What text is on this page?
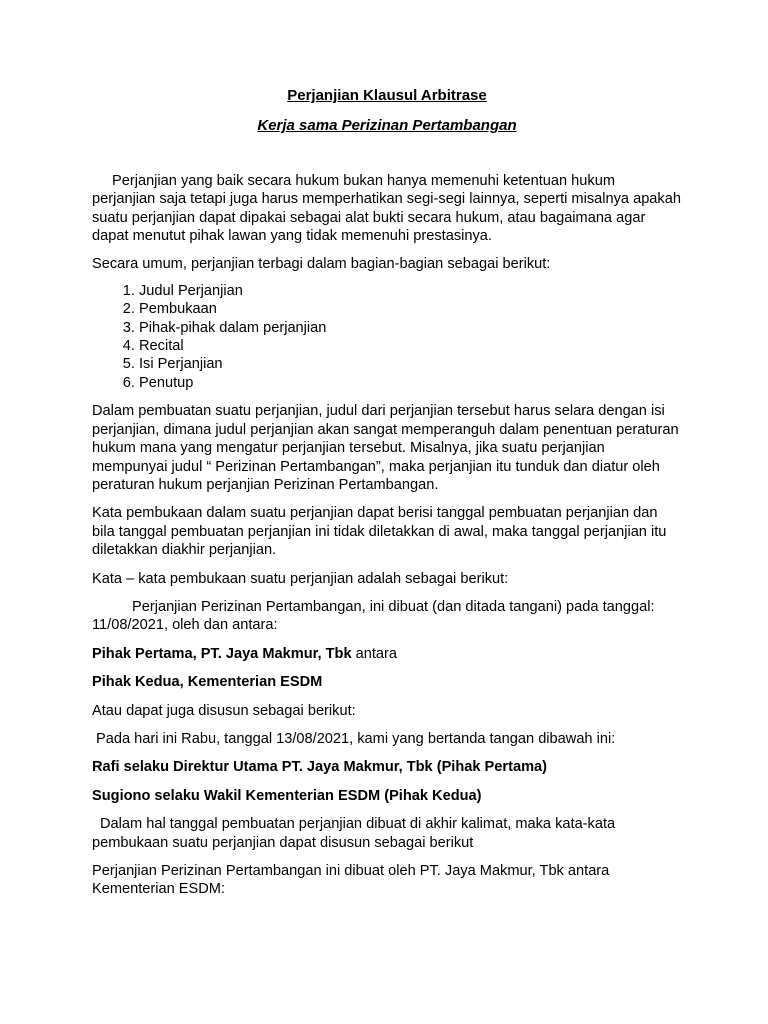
Perjanjian Klausul Arbitrase

Kerja sama Perizinan Pertambangan

Perjanjian yang baik secara hukum bukan hanya memenuhi ketentuan hukum perjanjian saja tetapi juga harus memperhatikan segi-segi lainnya, seperti misalnya apakah suatu perjanjian dapat dipakai sebagai alat bukti secara hukum, atau bagaimana agar dapat menutut pihak lawan yang tidak memenuhi prestasinya.

Secara umum, perjanjian terbagi dalam bagian-bagian sebagai berikut:

1. Judul Perjanjian
2. Pembukaan
3. Pihak-pihak dalam perjanjian
4. Recital
5. Isi Perjanjian
6. Penutup

Dalam pembuatan suatu perjanjian, judul dari perjanjian tersebut harus selara dengan isi perjanjian, dimana judul perjanjian akan sangat memperanguh dalam penentuan peraturan hukum mana yang mengatur perjanjian tersebut. Misalnya, jika suatu perjanjian mempunyai judul “ Perizinan Pertambangan”, maka perjanjian itu tunduk dan diatur oleh peraturan hukum perjanjian Perizinan Pertambangan.

Kata pembukaan dalam suatu perjanjian dapat berisi tanggal pembuatan perjanjian dan bila tanggal pembuatan perjanjian ini tidak diletakkan di awal, maka tanggal perjanjian itu diletakkan diakhir perjanjian.

Kata – kata pembukaan suatu perjanjian adalah sebagai berikut:

Perjanjian Perizinan Pertambangan, ini dibuat (dan ditada tangani) pada tanggal: 11/08/2021, oleh dan antara:

Pihak Pertama, PT. Jaya Makmur, Tbk antara

Pihak Kedua, Kementerian ESDM

Atau dapat juga disusun sebagai berikut:

Pada hari ini Rabu, tanggal 13/08/2021, kami yang bertanda tangan dibawah ini:

Rafi selaku Direktur Utama PT. Jaya Makmur, Tbk (Pihak Pertama)

Sugiono selaku Wakil Kementerian ESDM (Pihak Kedua)

Dalam hal tanggal pembuatan perjanjian dibuat di akhir kalimat, maka kata-kata pembukaan suatu perjanjian dapat disusun sebagai berikut

Perjanjian Perizinan Pertambangan ini dibuat oleh PT. Jaya Makmur, Tbk antara Kementerian ESDM:
